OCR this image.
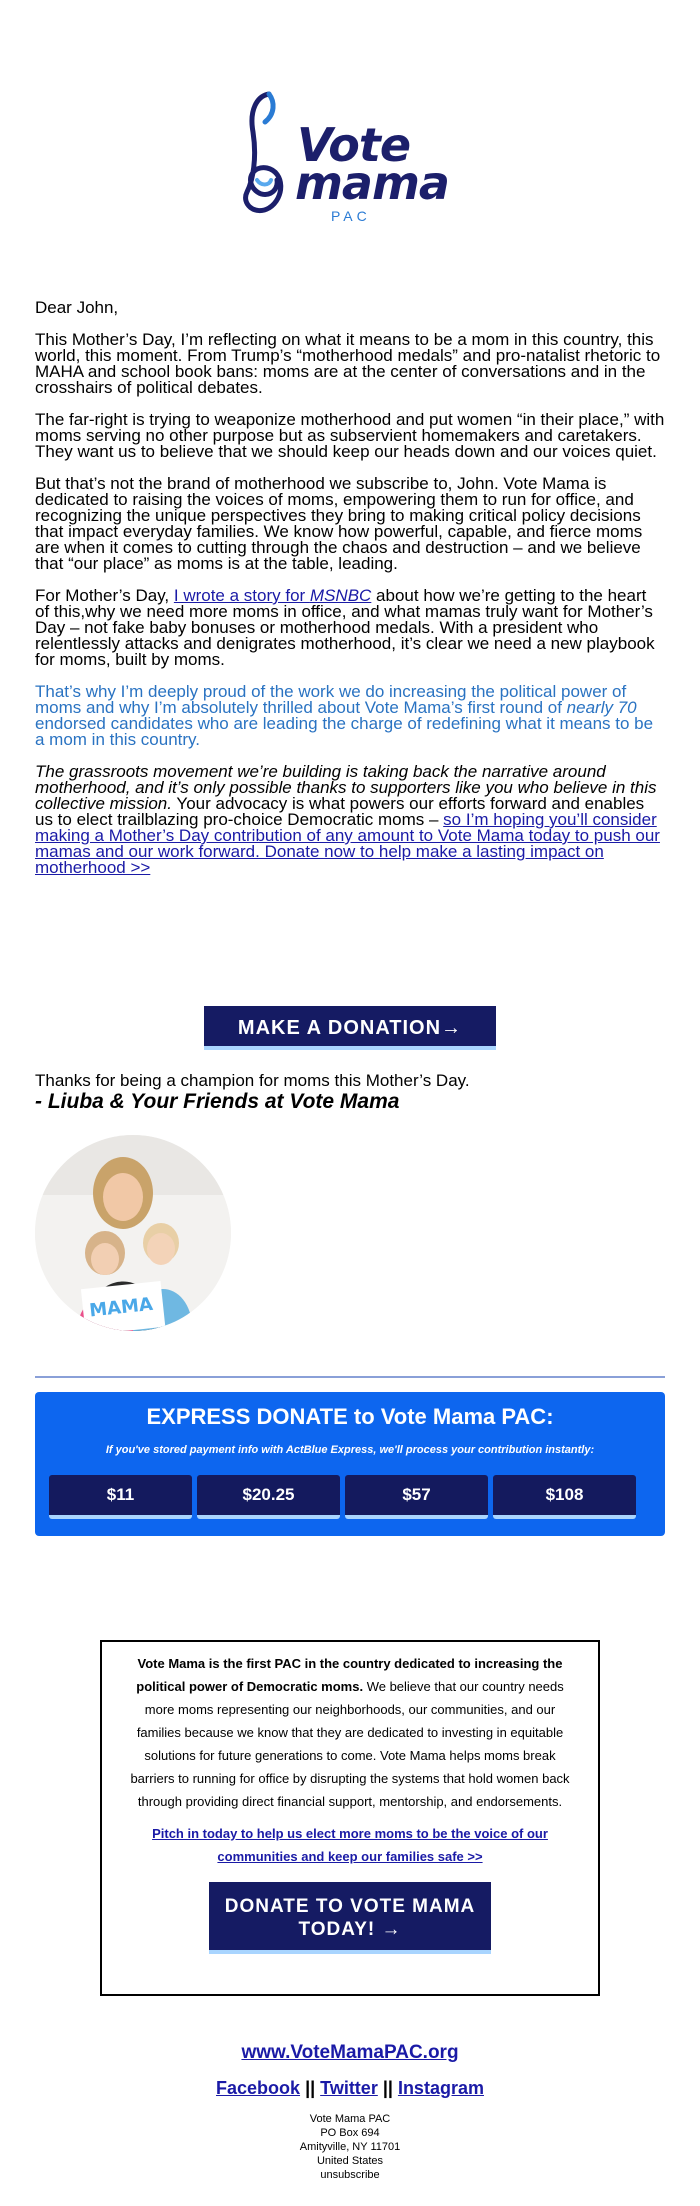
Vote
mama
PAC

Dear John,

This Mother’s Day, I’m reflecting on what it means to be a mom in this country, this world, this moment. From Trump’s “motherhood medals” and pro-natalist rhetoric to MAHA and school book bans: moms are at the center of conversations and in the crosshairs of political debates.

The far-right is trying to weaponize motherhood and put women “in their place,” with moms serving no other purpose but as subservient homemakers and caretakers. They want us to believe that we should keep our heads down and our voices quiet.

But that’s not the brand of motherhood we subscribe to, John. Vote Mama is dedicated to raising the voices of moms, empowering them to run for office, and recognizing the unique perspectives they bring to making critical policy decisions that impact everyday families. We know how powerful, capable, and fierce moms are when it comes to cutting through the chaos and destruction – and we believe that “our place” as moms is at the table, leading.

For Mother’s Day, I wrote a story for MSNBC about how we’re getting to the heart of this,why we need more moms in office, and what mamas truly want for Mother’s Day – not fake baby bonuses or motherhood medals. With a president who relentlessly attacks and denigrates motherhood, it’s clear we need a new playbook for moms, built by moms.

That’s why I’m deeply proud of the work we do increasing the political power of moms and why I’m absolutely thrilled about Vote Mama’s first round of nearly 70 endorsed candidates who are leading the charge of redefining what it means to be a mom in this country.

The grassroots movement we’re building is taking back the narrative around motherhood, and it’s only possible thanks to supporters like you who believe in this collective mission. Your advocacy is what powers our efforts forward and enables us to elect trailblazing pro-choice Democratic moms – so I’m hoping you’ll consider making a Mother’s Day contribution of any amount to Vote Mama today to push our mamas and our work forward. Donate now to help make a lasting impact on motherhood >>

MAKE A DONATION→

Thanks for being a champion for moms this Mother’s Day.

- Liuba & Your Friends at Vote Mama

MAMA
EXPRESS DONATE to Vote Mama PAC:
If you've stored payment info with ActBlue Express, we'll process your contribution instantly:
$11	$20.25	$57	$108

Vote Mama is the first PAC in the country dedicated to increasing the political power of Democratic moms. We believe that our country needs more moms representing our neighborhoods, our communities, and our families because we know that they are dedicated to investing in equitable solutions for future generations to come. Vote Mama helps moms break barriers to running for office by disrupting the systems that hold women back through providing direct financial support, mentorship, and endorsements.

Pitch in today to help us elect more moms to be the voice of our communities and keep our families safe >>

DONATE TO VOTE MAMA TODAY! →
www.VoteMamaPAC.org
Facebook || Twitter || Instagram
Vote Mama PAC
PO Box 694
Amityville, NY 11701
United States
unsubscribe
